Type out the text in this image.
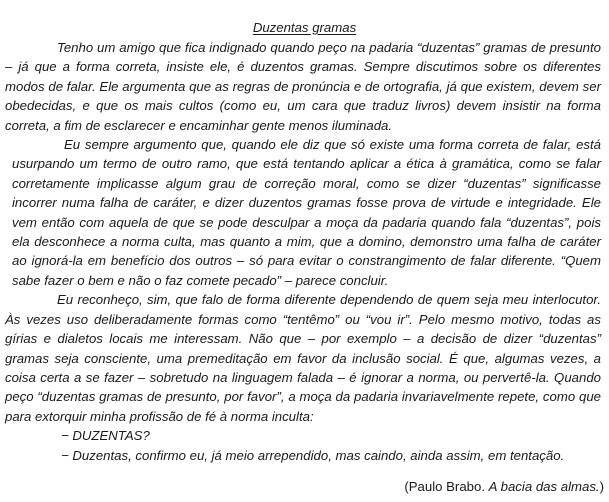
Duzentas gramas

Tenho um amigo que fica indignado quando peço na padaria “duzentas” gramas de presunto – já que a forma correta, insiste ele, é duzentos gramas. Sempre discutimos sobre os diferentes modos de falar. Ele argumenta que as regras de pronúncia e de ortografia, já que existem, devem ser obedecidas, e que os mais cultos (como eu, um cara que traduz livros) devem insistir na forma correta, a fim de esclarecer e encaminhar gente menos iluminada.

Eu sempre argumento que, quando ele diz que só existe uma forma correta de falar, está usurpando um termo de outro ramo, que está tentando aplicar a ética à gramática, como se falar corretamente implicasse algum grau de correção moral, como se dizer “duzentas” significasse incorrer numa falha de caráter, e dizer duzentos gramas fosse prova de virtude e integridade. Ele vem então com aquela de que se pode desculpar a moça da padaria quando fala “duzentas”, pois ela desconhece a norma culta, mas quanto a mim, que a domino, demonstro uma falha de caráter ao ignorá-la em benefício dos outros – só para evitar o constrangimento de falar diferente. “Quem sabe fazer o bem e não o faz comete pecado” – parece concluir.

Eu reconheço, sim, que falo de forma diferente dependendo de quem seja meu interlocutor. Às vezes uso deliberadamente formas como “tentêmo” ou “vou ir”. Pelo mesmo motivo, todas as gírias e dialetos locais me interessam. Não que – por exemplo – a decisão de dizer “duzentas” gramas seja consciente, uma premeditação em favor da inclusão social. É que, algumas vezes, a coisa certa a se fazer – sobretudo na linguagem falada – é ignorar a norma, ou pervertê-la. Quando peço “duzentas gramas de presunto, por favor”, a moça da padaria invariavelmente repete, como que para extorquir minha profissão de fé à norma inculta:

− DUZENTAS?
− Duzentas, confirmo eu, já meio arrependido, mas caindo, ainda assim, em tentação.
(Paulo Brabo. A bacia das almas.)
